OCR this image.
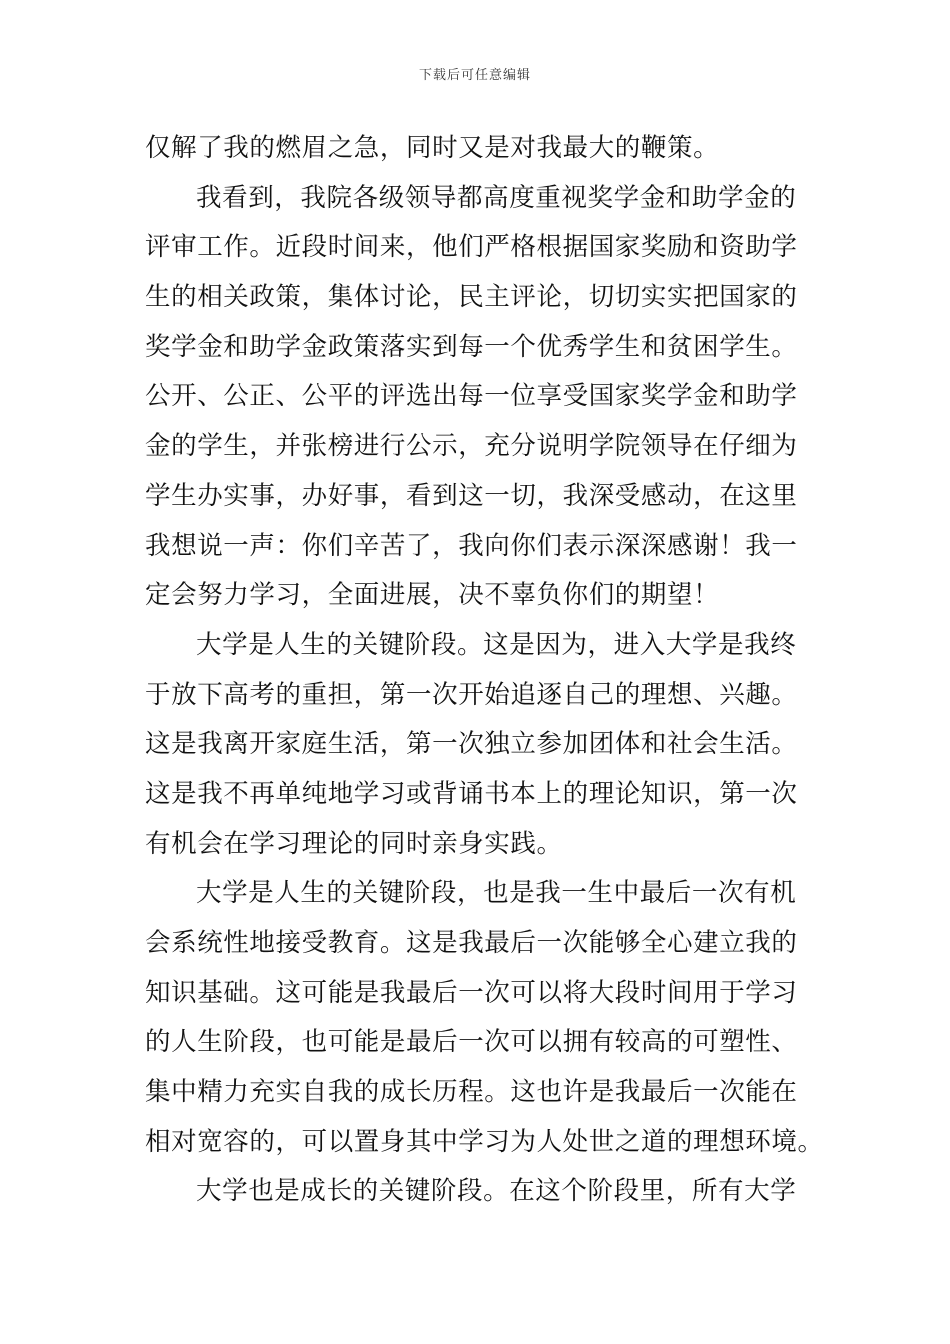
下载后可任意编辑
仅解了我的燃眉之急，同时又是对我最大的鞭策。
我看到，我院各级领导都高度重视奖学金和助学金的
评审工作。近段时间来，他们严格根据国家奖励和资助学
生的相关政策，集体讨论，民主评论，切切实实把国家的
奖学金和助学金政策落实到每一个优秀学生和贫困学生。
公开、公正、公平的评选出每一位享受国家奖学金和助学
金的学生，并张榜进行公示，充分说明学院领导在仔细为
学生办实事，办好事，看到这一切，我深受感动，在这里
我想说一声：你们辛苦了，我向你们表示深深感谢！我一
定会努力学习，全面进展，决不辜负你们的期望！
大学是人生的关键阶段。这是因为，进入大学是我终
于放下高考的重担，第一次开始追逐自己的理想、兴趣。
这是我离开家庭生活，第一次独立参加团体和社会生活。
这是我不再单纯地学习或背诵书本上的理论知识，第一次
有机会在学习理论的同时亲身实践。
大学是人生的关键阶段，也是我一生中最后一次有机
会系统性地接受教育。这是我最后一次能够全心建立我的
知识基础。这可能是我最后一次可以将大段时间用于学习
的人生阶段，也可能是最后一次可以拥有较高的可塑性、
集中精力充实自我的成长历程。这也许是我最后一次能在
相对宽容的，可以置身其中学习为人处世之道的理想环境。
大学也是成长的关键阶段。在这个阶段里，所有大学
